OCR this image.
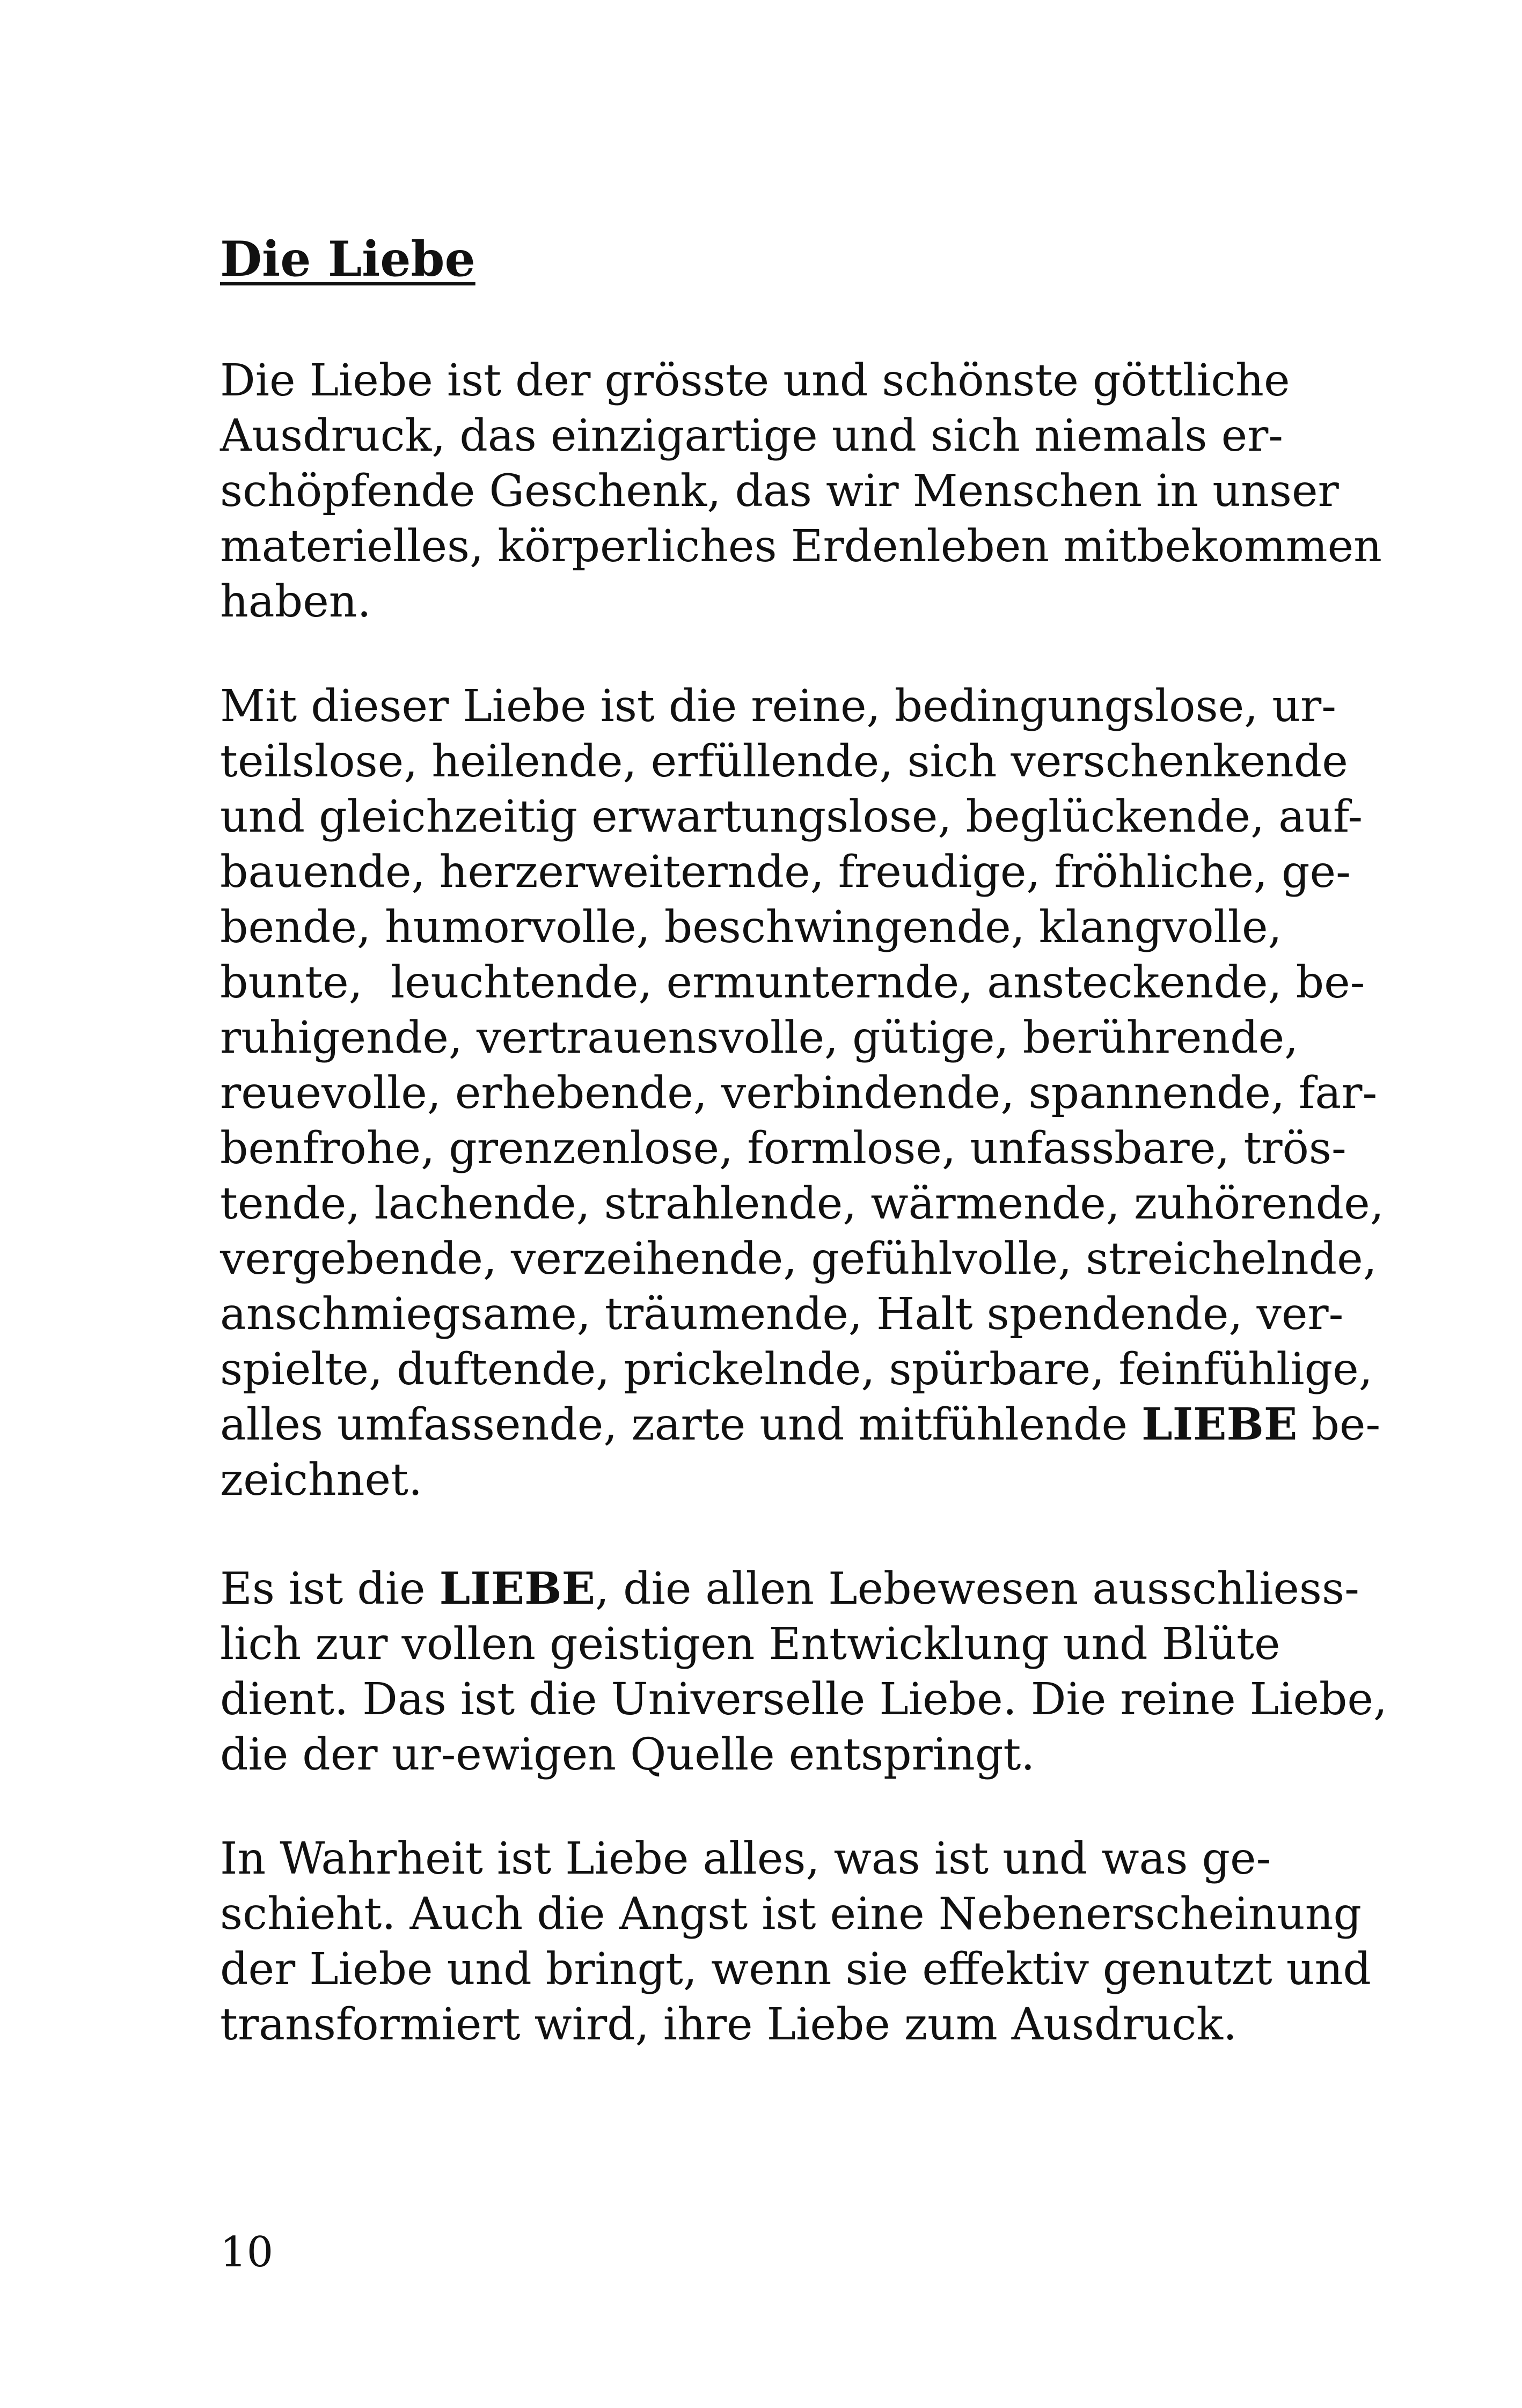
Die Liebe
Die Liebe ist der grösste und schönste göttliche
Ausdruck, das einzigartige und sich niemals er-
schöpfende Geschenk, das wir Menschen in unser
materielles, körperliches Erdenleben mitbekommen
haben.
Mit dieser Liebe ist die reine, bedingungslose, ur-
teilslose, heilende, erfüllende, sich verschenkende
und gleichzeitig erwartungslose, beglückende, auf-
bauende, herzerweiternde, freudige, fröhliche, ge-
bende, humorvolle, beschwingende, klangvolle,
bunte,  leuchtende, ermunternde, ansteckende, be-
ruhigende, vertrauensvolle, gütige, berührende,
reuevolle, erhebende, verbindende, spannende, far-
benfrohe, grenzenlose, formlose, unfassbare, trös-
tende, lachende, strahlende, wärmende, zuhörende,
vergebende, verzeihende, gefühlvolle, streichelnde,
anschmiegsame, träumende, Halt spendende, ver-
spielte, duftende, prickelnde, spürbare, feinfühlige,
alles umfassende, zarte und mitfühlende LIEBE be-
zeichnet.
Es ist die LIEBE, die allen Lebewesen ausschliess-
lich zur vollen geistigen Entwicklung und Blüte
dient. Das ist die Universelle Liebe. Die reine Liebe,
die der ur-ewigen Quelle entspringt.
In Wahrheit ist Liebe alles, was ist und was ge-
schieht. Auch die Angst ist eine Nebenerscheinung
der Liebe und bringt, wenn sie effektiv genutzt und
transformiert wird, ihre Liebe zum Ausdruck.
10
